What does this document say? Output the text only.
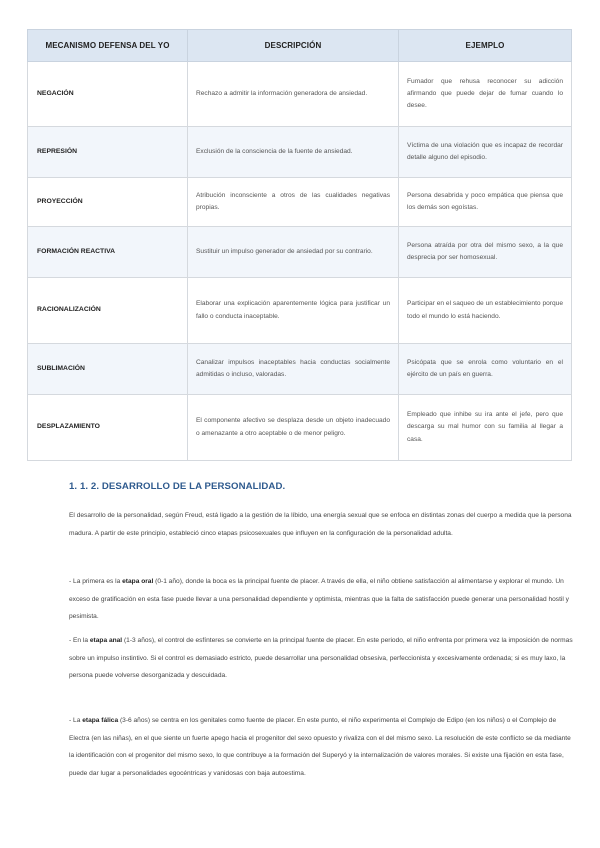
MECANISMO DEFENSA DEL YO	DESCRIPCIÓN	EJEMPLO
NEGACIÓN	Rechazo a admitir la información generadora de ansiedad.	Fumador que rehusa reconocer su adicción afirmando que puede dejar de fumar cuando lo desee.
REPRESIÓN	Exclusión de la consciencia de la fuente de ansiedad.	Víctima de una violación que es incapaz de recordar detalle alguno del episodio.
PROYECCIÓN	Atribución inconsciente a otros de las cualidades negativas propias.	Persona desabrida y poco empática que piensa que los demás son egoístas.
FORMACIÓN REACTIVA	Sustituir un impulso generador de ansiedad por su contrario.	Persona atraída por otra del mismo sexo, a la que desprecia por ser homosexual.
RACIONALIZACIÓN	Elaborar una explicación aparentemente lógica para justificar un fallo o conducta inaceptable.	Participar en el saqueo de un establecimiento porque todo el mundo lo está haciendo.
SUBLIMACIÓN	Canalizar impulsos inaceptables hacia conductas socialmente admitidas o incluso, valoradas.	Psicópata que se enrola como voluntario en el ejército de un país en guerra.
DESPLAZAMIENTO	El componente afectivo se desplaza desde un objeto inadecuado o amenazante a otro aceptable o de menor peligro.	Empleado que inhibe su ira ante el jefe, pero que descarga su mal humor con su familia al llegar a casa.
1. 1. 2. DESARROLLO DE LA PERSONALIDAD.

El desarrollo de la personalidad, según Freud, está ligado a la gestión de la líbido, una energía sexual que se enfoca en distintas zonas del cuerpo a medida que la persona madura. A partir de este principio, estableció cinco etapas psicosexuales que influyen en la configuración de la personalidad adulta.

- La primera es la etapa oral (0-1 año), donde la boca es la principal fuente de placer. A través de ella, el niño obtiene satisfacción al alimentarse y explorar el mundo. Un exceso de gratificación en esta fase puede llevar a una personalidad dependiente y optimista, mientras que la falta de satisfacción puede generar una personalidad hostil y pesimista.

- En la etapa anal (1-3 años), el control de esfínteres se convierte en la principal fuente de placer. En este periodo, el niño enfrenta por primera vez la imposición de normas sobre un impulso instintivo. Si el control es demasiado estricto, puede desarrollar una personalidad obsesiva, perfeccionista y excesivamente ordenada; si es muy laxo, la persona puede volverse desorganizada y descuidada.

- La etapa fálica (3-6 años) se centra en los genitales como fuente de placer. En este punto, el niño experimenta el Complejo de Edipo (en los niños) o el Complejo de Electra (en las niñas), en el que siente un fuerte apego hacia el progenitor del sexo opuesto y rivaliza con el del mismo sexo. La resolución de este conflicto se da mediante la identificación con el progenitor del mismo sexo, lo que contribuye a la formación del Superyó y la internalización de valores morales. Si existe una fijación en esta fase, puede dar lugar a personalidades egocéntricas y vanidosas con baja autoestima.
